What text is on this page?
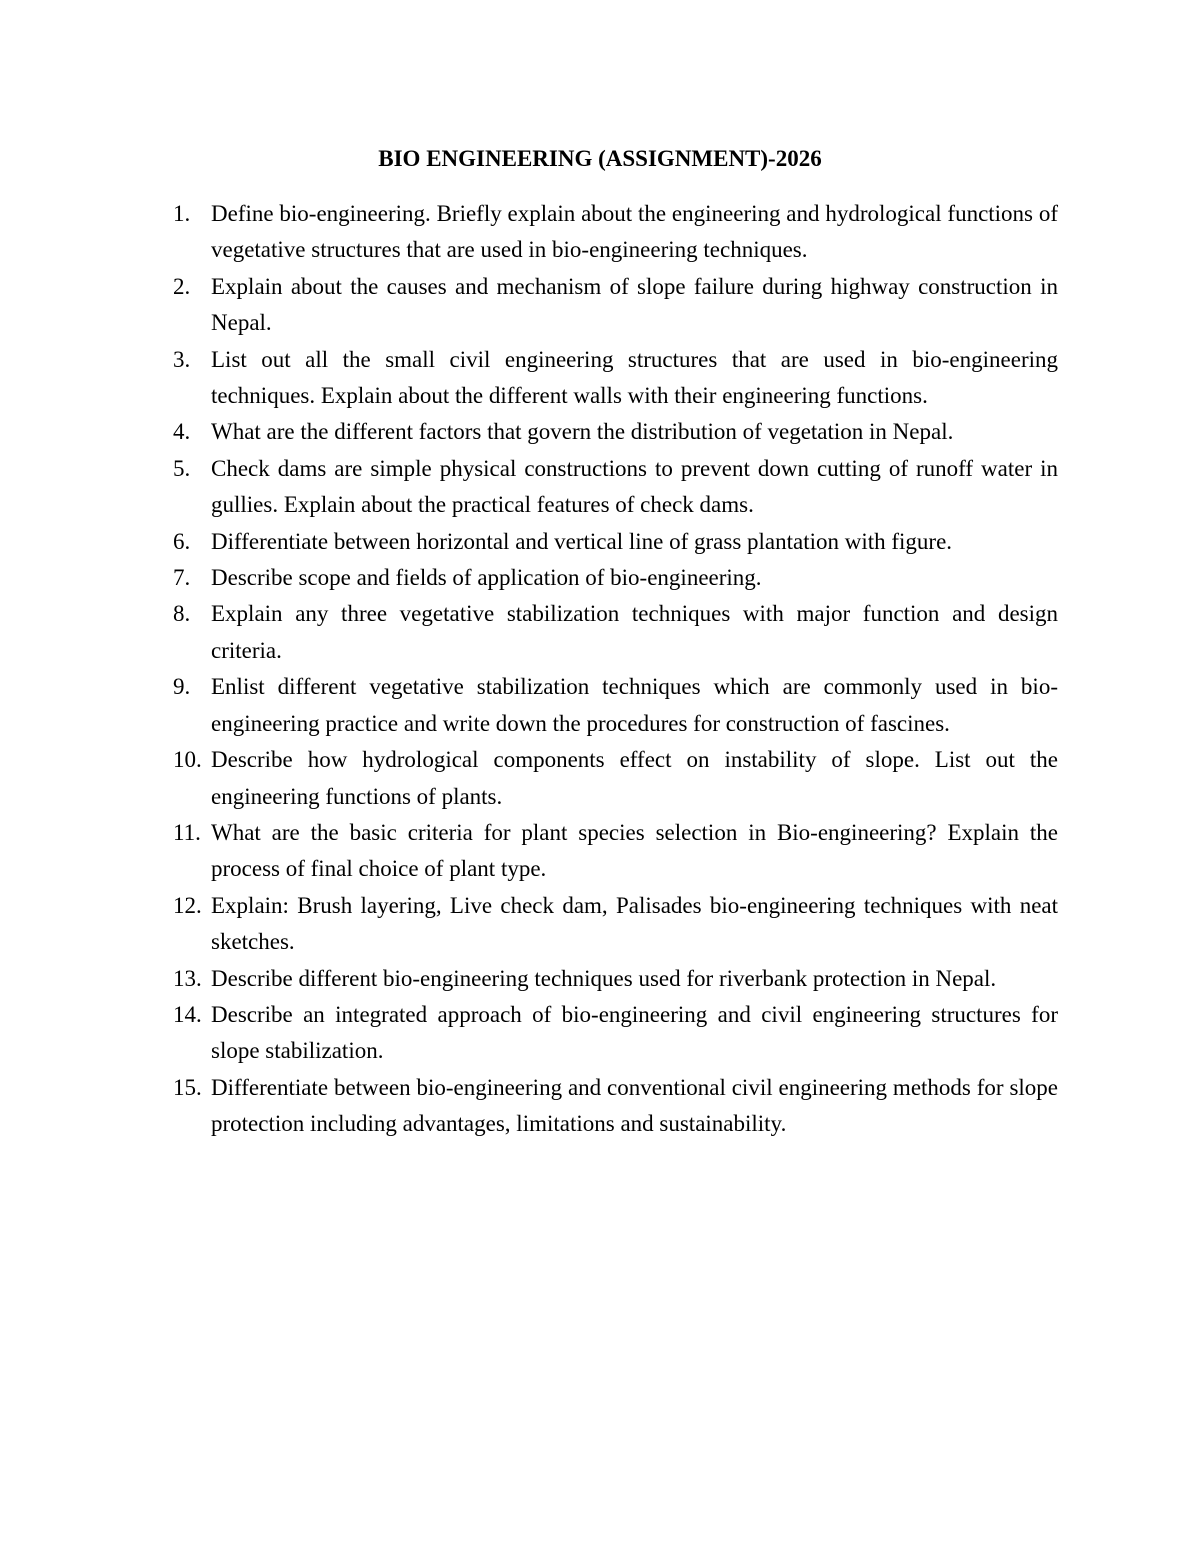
BIO ENGINEERING (ASSIGNMENT)-2026
1. Define bio-engineering. Briefly explain about the engineering and hydrological functions of vegetative structures that are used in bio-engineering techniques.
2. Explain about the causes and mechanism of slope failure during highway construction in Nepal.
3. List out all the small civil engineering structures that are used in bio-engineering techniques. Explain about the different walls with their engineering functions.
4. What are the different factors that govern the distribution of vegetation in Nepal.
5. Check dams are simple physical constructions to prevent down cutting of runoff water in gullies. Explain about the practical features of check dams.
6. Differentiate between horizontal and vertical line of grass plantation with figure.
7. Describe scope and fields of application of bio-engineering.
8. Explain any three vegetative stabilization techniques with major function and design criteria.
9. Enlist different vegetative stabilization techniques which are commonly used in bio-engineering practice and write down the procedures for construction of fascines.
10. Describe how hydrological components effect on instability of slope. List out the engineering functions of plants.
11. What are the basic criteria for plant species selection in Bio-engineering? Explain the process of final choice of plant type.
12. Explain: Brush layering, Live check dam, Palisades bio-engineering techniques with neat sketches.
13. Describe different bio-engineering techniques used for riverbank protection in Nepal.
14. Describe an integrated approach of bio-engineering and civil engineering structures for slope stabilization.
15. Differentiate between bio-engineering and conventional civil engineering methods for slope protection including advantages, limitations and sustainability.
